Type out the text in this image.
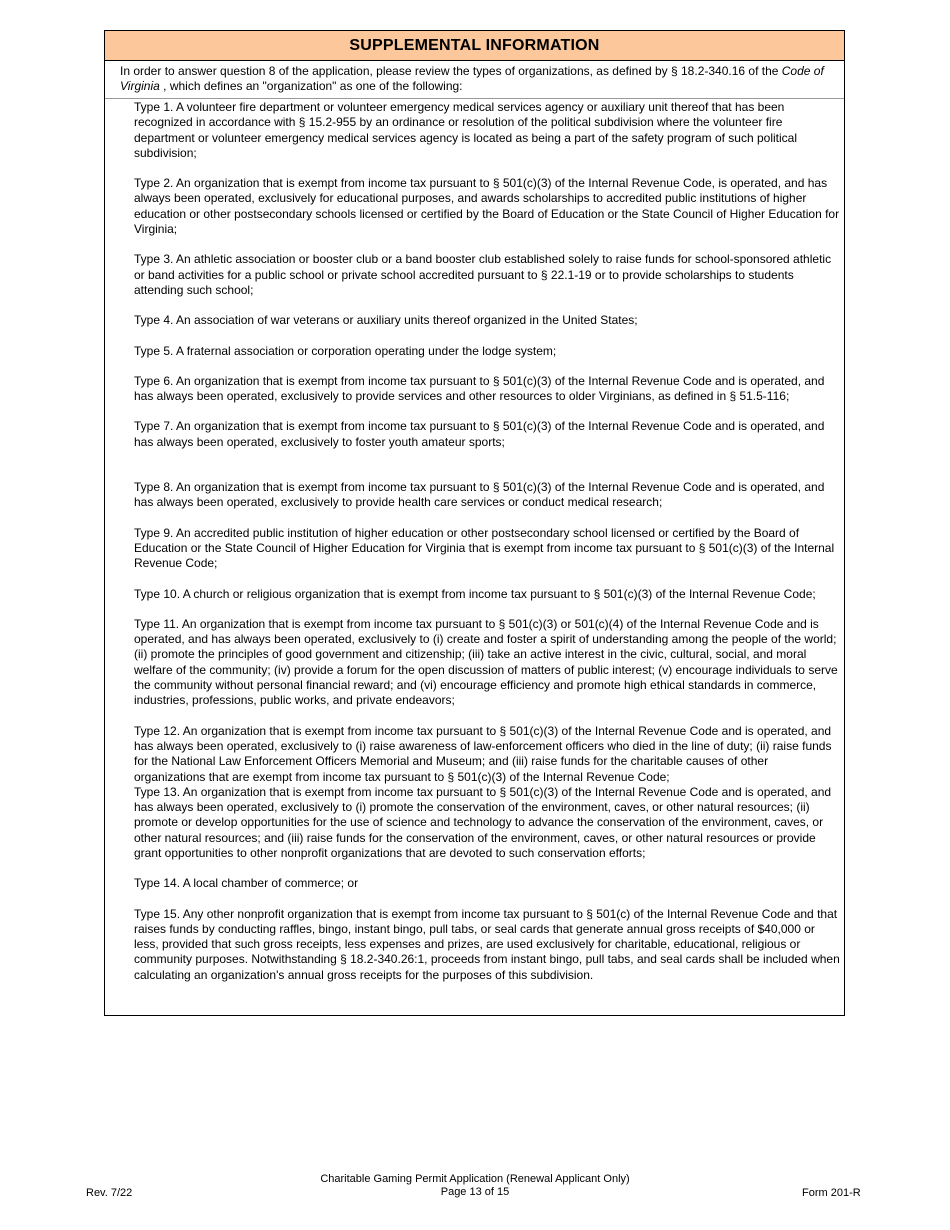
SUPPLEMENTAL INFORMATION
In order to answer question 8 of the application, please review the types of organizations, as defined by § 18.2-340.16 of the Code of Virginia , which defines an "organization" as one of the following:

Type 1. A volunteer fire department or volunteer emergency medical services agency or auxiliary unit thereof that has been recognized in accordance with § 15.2-955 by an ordinance or resolution of the political subdivision where the volunteer fire department or volunteer emergency medical services agency is located as being a part of the safety program of such political subdivision;

Type 2. An organization that is exempt from income tax pursuant to § 501(c)(3) of the Internal Revenue Code, is operated, and has always been operated, exclusively for educational purposes, and awards scholarships to accredited public institutions of higher education or other postsecondary schools licensed or certified by the Board of Education or the State Council of Higher Education for Virginia;

Type 3. An athletic association or booster club or a band booster club established solely to raise funds for school-sponsored athletic or band activities for a public school or private school accredited pursuant to § 22.1-19 or to provide scholarships to students attending such school;

Type 4. An association of war veterans or auxiliary units thereof organized in the United States;

Type 5. A fraternal association or corporation operating under the lodge system;

Type 6. An organization that is exempt from income tax pursuant to § 501(c)(3) of the Internal Revenue Code and is operated, and has always been operated, exclusively to provide services and other resources to older Virginians, as defined in § 51.5-116;

Type 7. An organization that is exempt from income tax pursuant to § 501(c)(3) of the Internal Revenue Code and is operated, and has always been operated, exclusively to foster youth amateur sports;

Type 8. An organization that is exempt from income tax pursuant to § 501(c)(3) of the Internal Revenue Code and is operated, and has always been operated, exclusively to provide health care services or conduct medical research;

Type 9. An accredited public institution of higher education or other postsecondary school licensed or certified by the Board of Education or the State Council of Higher Education for Virginia that is exempt from income tax pursuant to § 501(c)(3) of the Internal Revenue Code;

Type 10. A church or religious organization that is exempt from income tax pursuant to § 501(c)(3) of the Internal Revenue Code;

Type 11. An organization that is exempt from income tax pursuant to § 501(c)(3) or 501(c)(4) of the Internal Revenue Code and is operated, and has always been operated, exclusively to (i) create and foster a spirit of understanding among the people of the world; (ii) promote the principles of good government and citizenship; (iii) take an active interest in the civic, cultural, social, and moral welfare of the community; (iv) provide a forum for the open discussion of matters of public interest; (v) encourage individuals to serve the community without personal financial reward; and (vi) encourage efficiency and promote high ethical standards in commerce, industries, professions, public works, and private endeavors;

Type 12. An organization that is exempt from income tax pursuant to § 501(c)(3) of the Internal Revenue Code and is operated, and has always been operated, exclusively to (i) raise awareness of law-enforcement officers who died in the line of duty; (ii) raise funds for the National Law Enforcement Officers Memorial and Museum; and (iii) raise funds for the charitable causes of other organizations that are exempt from income tax pursuant to § 501(c)(3) of the Internal Revenue Code;

Type 13. An organization that is exempt from income tax pursuant to § 501(c)(3) of the Internal Revenue Code and is operated, and has always been operated, exclusively to (i) promote the conservation of the environment, caves, or other natural resources; (ii) promote or develop opportunities for the use of science and technology to advance the conservation of the environment, caves, or other natural resources; and (iii) raise funds for the conservation of the environment, caves, or other natural resources or provide grant opportunities to other nonprofit organizations that are devoted to such conservation efforts;

Type 14. A local chamber of commerce; or

Type 15. Any other nonprofit organization that is exempt from income tax pursuant to § 501(c) of the Internal Revenue Code and that raises funds by conducting raffles, bingo, instant bingo, pull tabs, or seal cards that generate annual gross receipts of $40,000 or less, provided that such gross receipts, less expenses and prizes, are used exclusively for charitable, educational, religious or community purposes. Notwithstanding § 18.2-340.26:1, proceeds from instant bingo, pull tabs, and seal cards shall be included when calculating an organization's annual gross receipts for the purposes of this subdivision.

Rev. 7/22
Charitable Gaming Permit Application (Renewal Applicant Only)
Page 13 of 15	Form 201-R
